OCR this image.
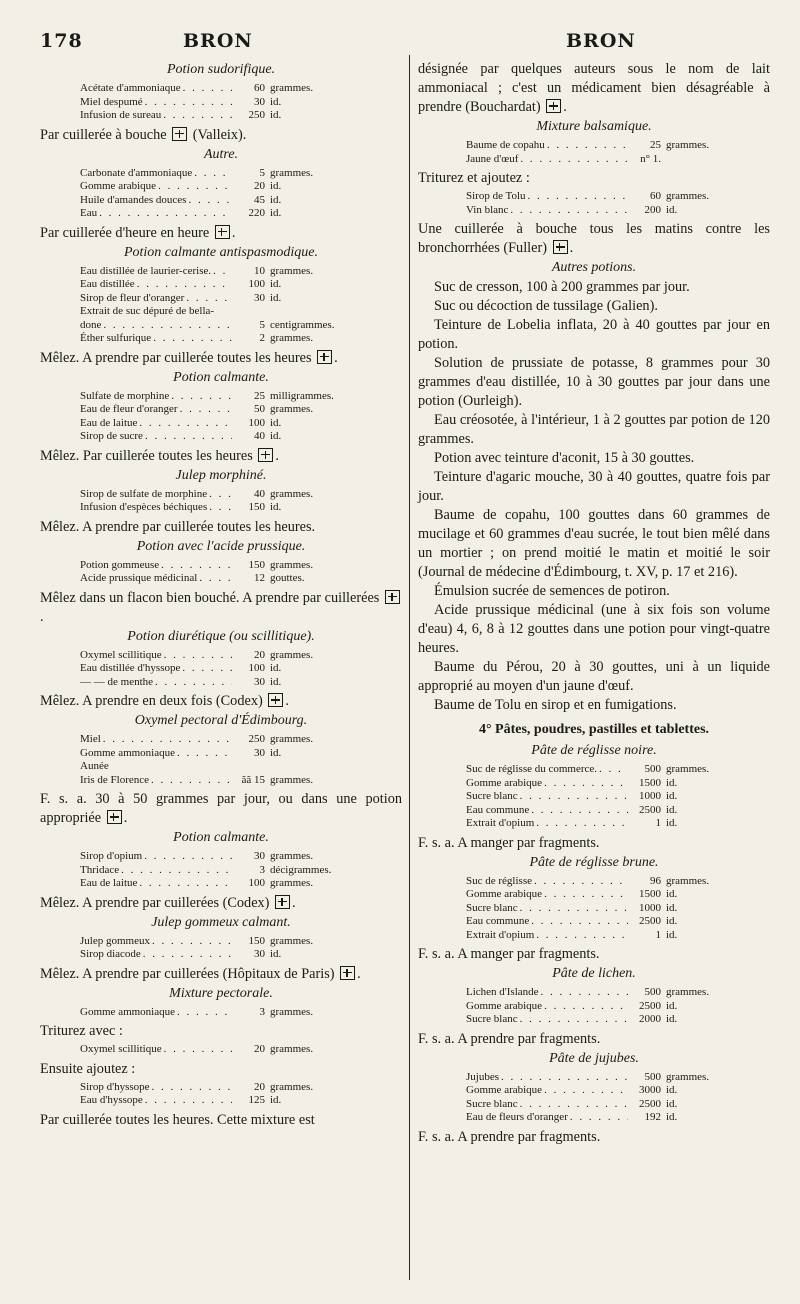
178	BRON	BRON
Potion sudorifique.
Acétate d'ammoniaque . . .	60 grammes.
Miel despumé . . .	30 id.
Infusion de sureau . . .	250 id.
Par cuillerée à bouche  (Valleix).
Autre.
Carbonate d'ammoniaque . . .	5 grammes.
Gomme arabique . . .	20 id.
Huile d'amandes douces . . .	45 id.
Eau . . .	220 id.
Par cuillerée d'heure en heure .
Potion calmante antispasmodique.
Eau distillée de laurier-cerise. . . .	10 grammes.
Eau distillée . . .	100 id.
Sirop de fleur d'oranger . . .	30 id.
Extrait de suc dépuré de bella-
done . . .	5 centigrammes.
Éther sulfurique . . .	2 grammes.
Mêlez. A prendre par cuillerée toutes les heures .
Potion calmante.
Sulfate de morphine . . .	25 milligrammes.
Eau de fleur d'oranger . . .	50 grammes.
Eau de laitue . . .	100 id.
Sirop de sucre . . .	40 id.
Mêlez. Par cuillerée toutes les heures .
Julep morphiné.
Sirop de sulfate de morphine . . .	40 grammes.
Infusion d'espèces béchiques . . .	150 id.
Mêlez. A prendre par cuillerée toutes les heures.
Potion avec l'acide prussique.
Potion gommeuse . . .	150 grammes.
Acide prussique médicinal . . .	12 gouttes.
Mêlez dans un flacon bien bouché. A prendre par cuillerées .
Potion diurétique (ou scillitique).
Oxymel scillitique . . .	20 grammes.
Eau distillée d'hyssope . . .	100 id.
— — de menthe . . .	30 id.
Mêlez. A prendre en deux fois (Codex) .
Oxymel pectoral d'Édimbourg.
Miel . . .	250 grammes.
Gomme ammoniaque . . .	30 id.
Aunée
Iris de Florence . . .	ãã 15 grammes.
F. s. a. 30 à 50 grammes par jour, ou dans une potion appropriée .
Potion calmante.
Sirop d'opium . . .	30 grammes.
Thridace . . .	3 décigrammes.
Eau de laitue . . .	100 grammes.
Mêlez. A prendre par cuillerées (Codex) .
Julep gommeux calmant.
Julep gommeux . . .	150 grammes.
Sirop diacode . . .	30 id.
Mêlez. A prendre par cuillerées (Hôpitaux de Paris) .
Mixture pectorale.
Gomme ammoniaque . . .	3 grammes.
Triturez avec :
Oxymel scillitique . . .	20 grammes.
Ensuite ajoutez :
Sirop d'hyssope . . .	20 grammes.
Eau d'hyssope . . .	125 id.
Par cuillerée toutes les heures. Cette mixture est
désignée par quelques auteurs sous le nom de lait ammoniacal ; c'est un médicament bien désagréable à prendre (Bouchardat) .
Mixture balsamique.
Baume de copahu . . .	25 grammes.
Jaune d'œuf . . .	n° 1.
Triturez et ajoutez :
Sirop de Tolu . . .	60 grammes.
Vin blanc . . .	200 id.
Une cuillerée à bouche tous les matins contre les bronchorrhées (Fuller) .
Autres potions.
Suc de cresson, 100 à 200 grammes par jour.
Suc ou décoction de tussilage (Galien).
Teinture de Lobelia inflata, 20 à 40 gouttes par jour en potion.
Solution de prussiate de potasse, 8 grammes pour 30 grammes d'eau distillée, 10 à 30 gouttes par jour dans une potion (Ourleigh).
Eau créosotée, à l'intérieur, 1 à 2 gouttes par potion de 120 grammes.
Potion avec teinture d'aconit, 15 à 30 gouttes.
Teinture d'agaric mouche, 30 à 40 gouttes, quatre fois par jour.
Baume de copahu, 100 gouttes dans 60 grammes de mucilage et 60 grammes d'eau sucrée, le tout bien mêlé dans un mortier ; on prend moitié le matin et moitié le soir (Journal de médecine d'Édimbourg, t. XV, p. 17 et 216).
Émulsion sucrée de semences de potiron.
Acide prussique médicinal (une à six fois son volume d'eau) 4, 6, 8 à 12 gouttes dans une potion pour vingt-quatre heures.
Baume du Pérou, 20 à 30 gouttes, uni à un liquide approprié au moyen d'un jaune d'œuf.
Baume de Tolu en sirop et en fumigations.
4° Pâtes, poudres, pastilles et tablettes.
Pâte de réglisse noire.
Suc de réglisse du commerce. . . .	500 grammes.
Gomme arabique . . .	1500 id.
Sucre blanc . . .	1000 id.
Eau commune . . .	2500 id.
Extrait d'opium . . .	1 id.
F. s. a. A manger par fragments.
Pâte de réglisse brune.
Suc de réglisse . . .	96 grammes.
Gomme arabique . . .	1500 id.
Sucre blanc . . .	1000 id.
Eau commune . . .	2500 id.
Extrait d'opium . . .	1 id.
F. s. a. A manger par fragments.
Pâte de lichen.
Lichen d'Islande . . .	500 grammes.
Gomme arabique . . .	2500 id.
Sucre blanc . . .	2000 id.
F. s. a. A prendre par fragments.
Pâte de jujubes.
Jujubes . . .	500 grammes.
Gomme arabique . . .	3000 id.
Sucre blanc . . .	2500 id.
Eau de fleurs d'oranger . . .	192 id.
F. s. a. A prendre par fragments.
